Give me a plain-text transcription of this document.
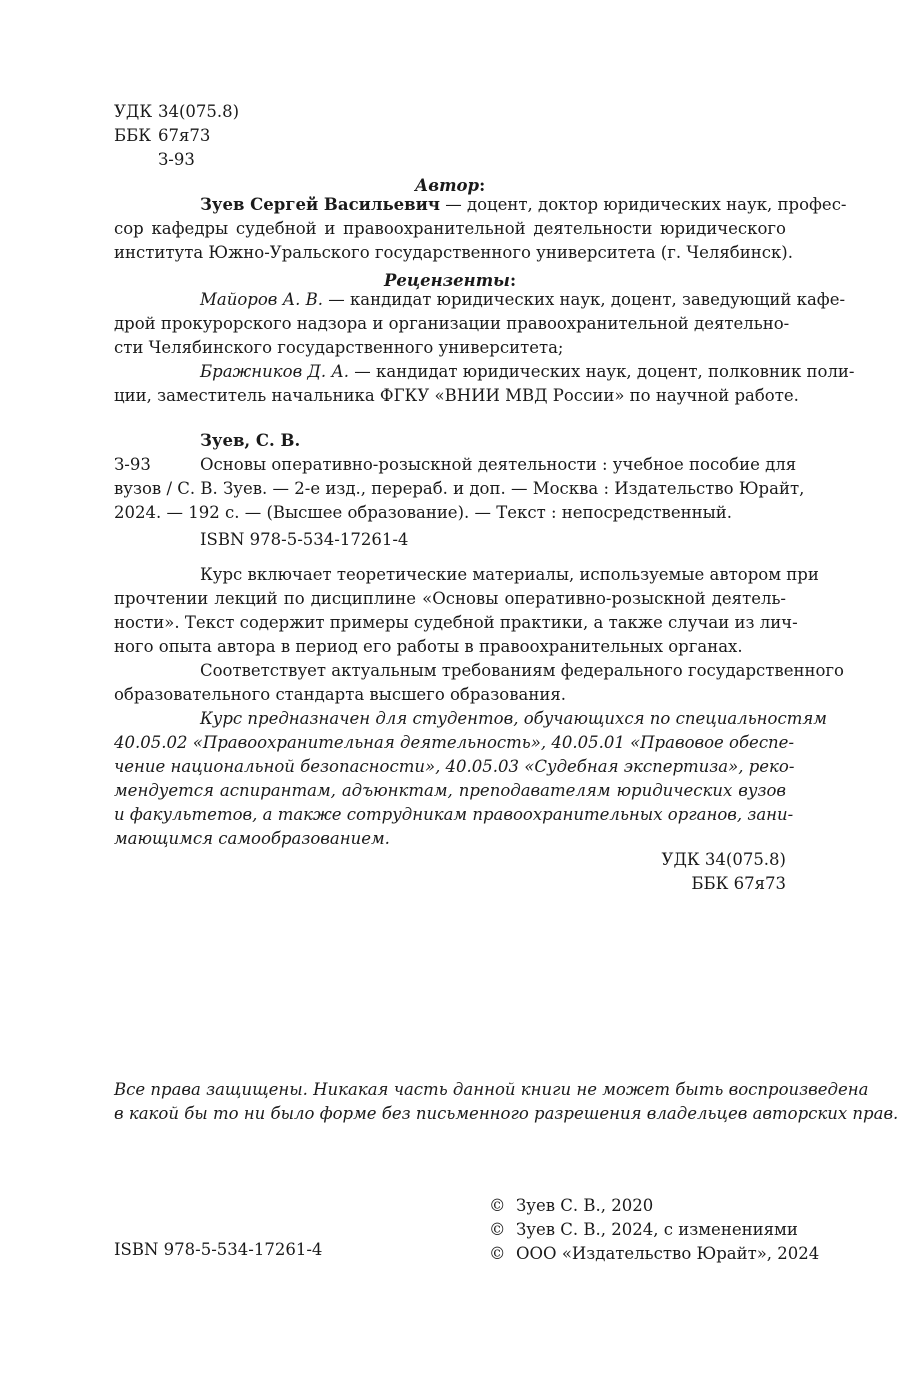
УДК 34(075.8)
ББК 67я73
З-93
Автор:
Зуев Сергей Васильевич — доцент, доктор юридических наук, профес-
сор кафедры судебной и правоохранительной деятельности юридического
института Южно-Уральского государственного университета (г. Челябинск).
Рецензенты:
Майоров А. В. — кандидат юридических наук, доцент, заведующий кафе-
дрой прокурорского надзора и организации правоохранительной деятельно-
сти Челябинского государственного университета;
Бражников Д. А. — кандидат юридических наук, доцент, полковник поли-
ции, заместитель начальника ФГКУ «ВНИИ МВД России» по научной работе.
Зуев, С. В.
З-93	Основы оперативно-розыскной деятельности : учебное пособие для
вузов / С. В. Зуев. — 2-е изд., перераб. и доп. — Москва : Издательство Юрайт,
2024. — 192 с. — (Высшее образование). — Текст : непосредственный.
ISBN 978-5-534-17261-4
Курс включает теоретические материалы, используемые автором при
прочтении лекций по дисциплине «Основы оперативно-розыскной деятель-
ности». Текст содержит примеры судебной практики, а также случаи из лич-
ного опыта автора в период его работы в правоохранительных органах.
Соответствует актуальным требованиям федерального государственного
образовательного стандарта высшего образования.
Курс предназначен для студентов, обучающихся по специальностям
40.05.02 «Правоохранительная деятельность», 40.05.01 «Правовое обеспе-
чение национальной безопасности», 40.05.03 «Судебная экспертиза», реко-
мендуется аспирантам, адъюнктам, преподавателям юридических вузов
и факультетов, а также сотрудникам правоохранительных органов, зани-
мающимся самообразованием.
УДК 34(075.8)
ББК 67я73
Все права защищены. Никакая часть данной книги не может быть воспроизведена
в какой бы то ни было форме без письменного разрешения владельцев авторских прав.
ISBN 978-5-534-17261-4
© Зуев С. В., 2020
© Зуев С. В., 2024, с изменениями
© ООО «Издательство Юрайт», 2024
